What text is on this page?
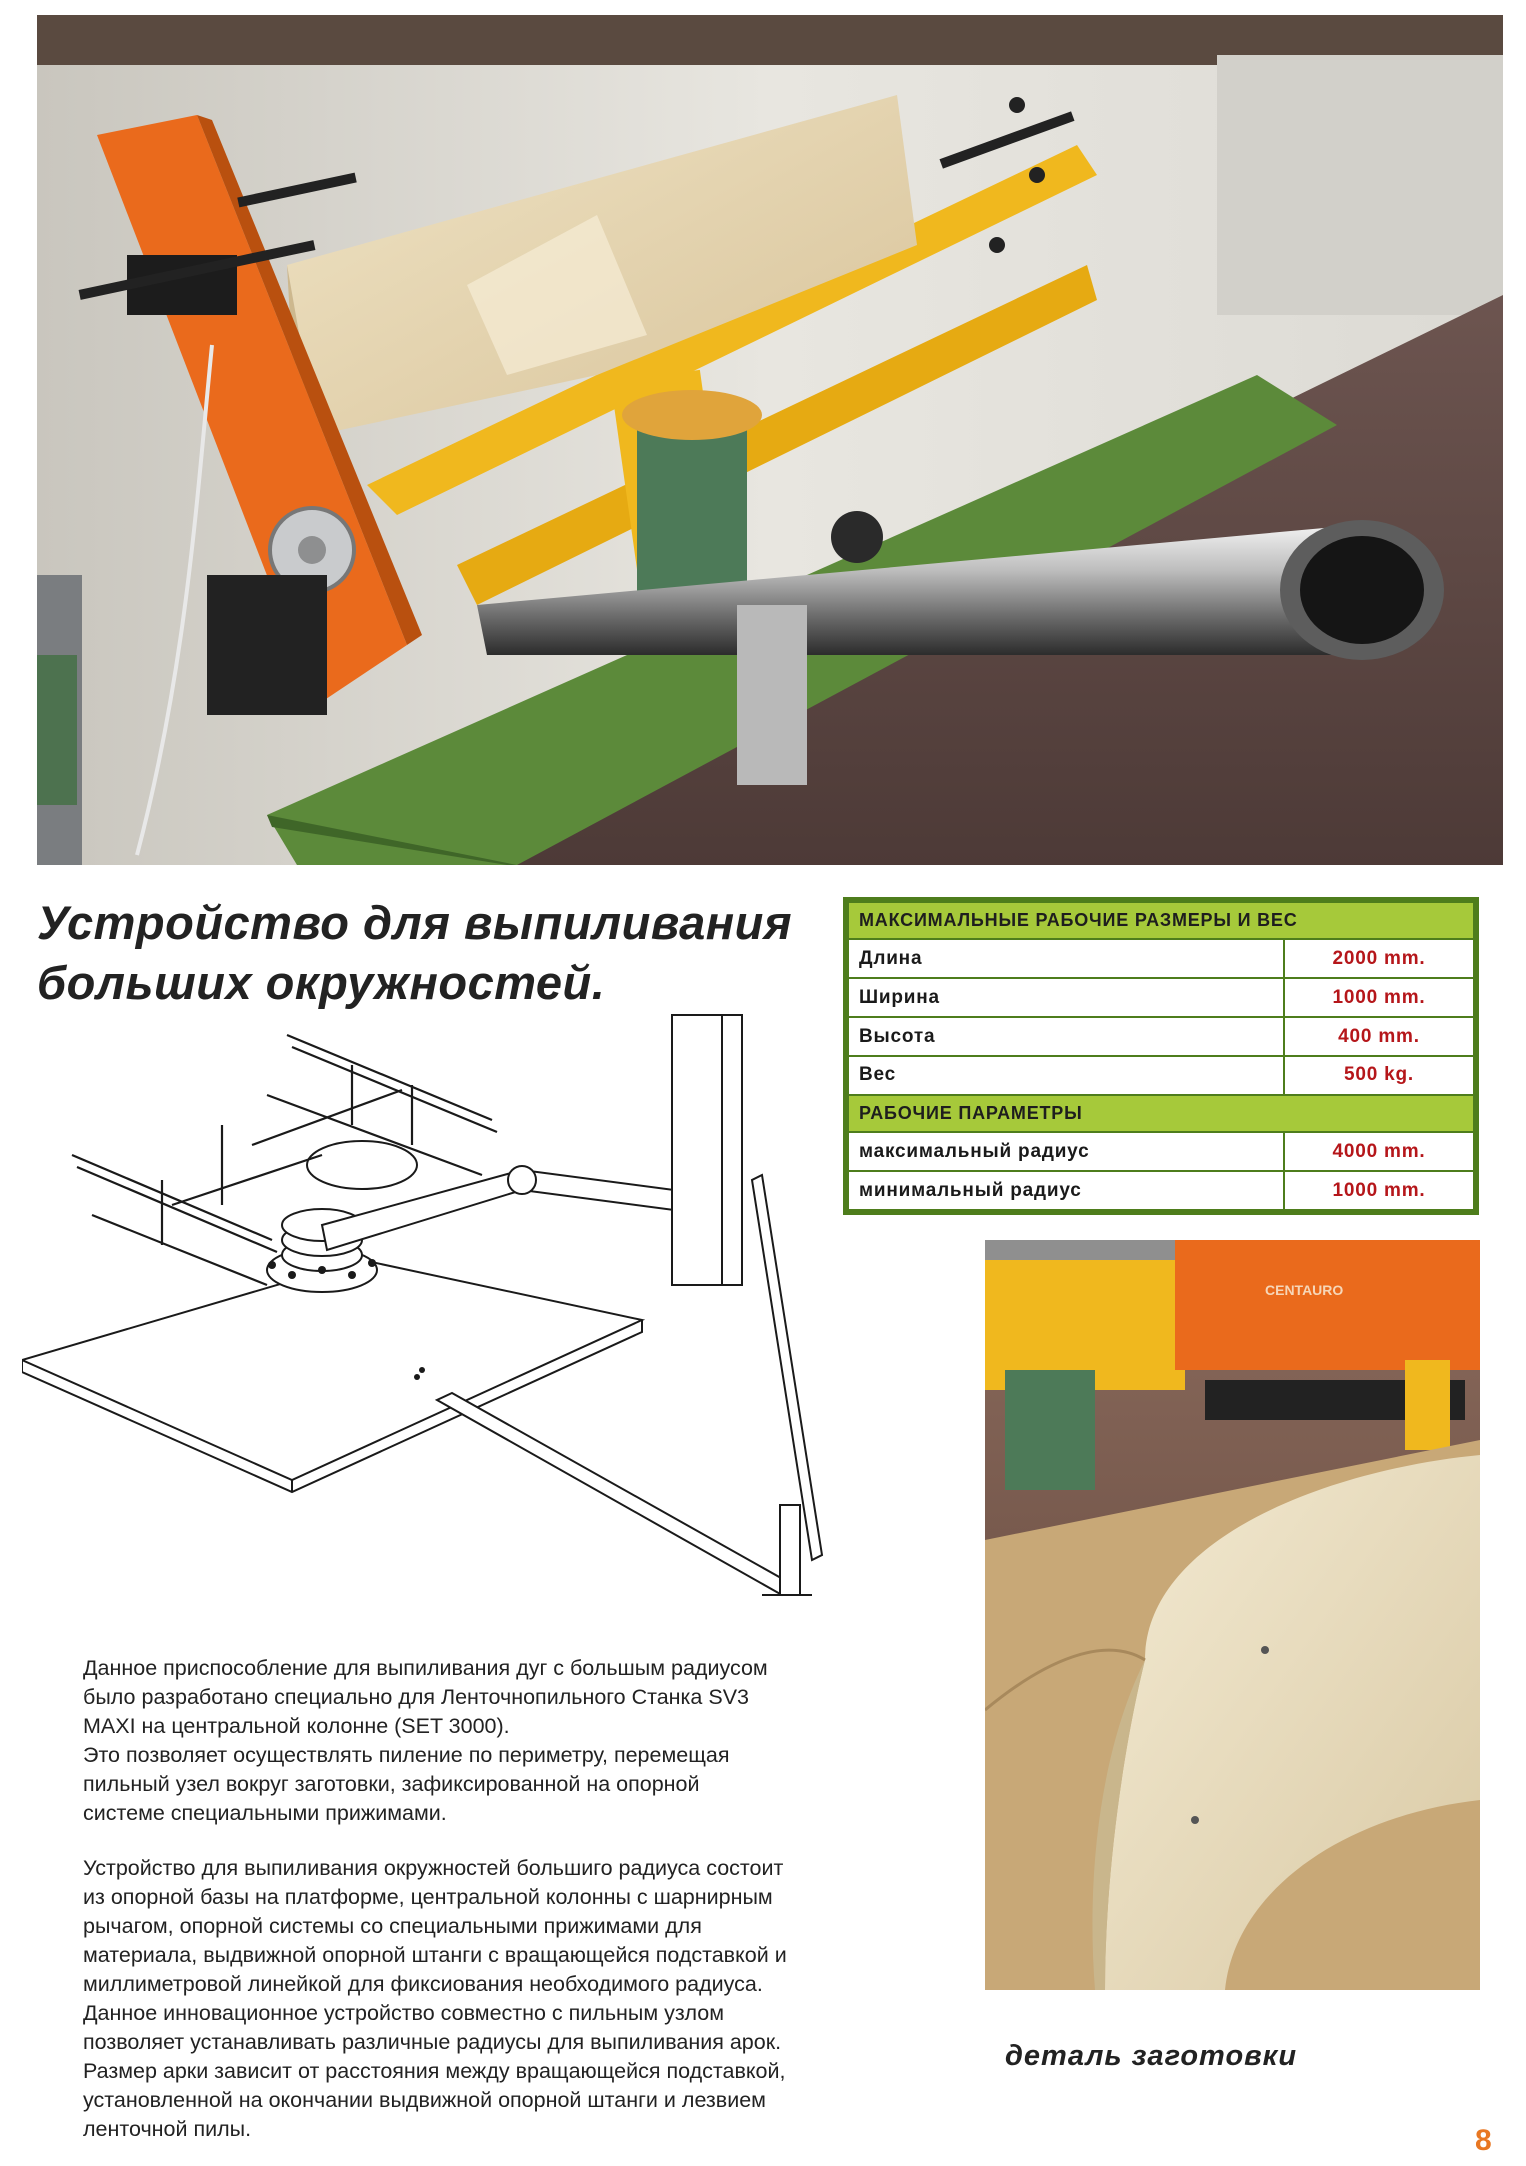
Устройство для выпиливания
больших окружностей.
МАКСИМАЛЬНЫЕ РАБОЧИЕ РАЗМЕРЫ И ВЕС	
Длина	2000 mm.
Ширина	1000 mm.
Высота	400 mm.
Вес	500 kg.
РАБОЧИЕ ПАРАМЕТРЫ	
максимальный радиус	4000 mm.
минимальный радиус	1000 mm.
Данное приспособление для выпиливания дуг с большым радиусом
было разработано специально для Ленточнопильного Станка SV3
MAXI на центральной колонне (SET 3000).
Это позволяет осуществлять пиление по периметру, перемещая
пильный узел вокруг заготовки, зафиксированной на опорной
системе специальными прижимами.
Устройство для выпиливания окружностей большиго радиуса состоит
из опорной базы на платформе, центральной колонны с шарнирным
рычагом, опорной системы со специальными прижимами для
материала, выдвижной опорной штанги с вращающейся подставкой и
миллиметровой линейкой для фиксиования необходимого радиуса.
Данное инновационное устройство совместно с пильным узлом
позволяет устанавливать различные радиусы для выпиливания арок.
Размер арки зависит от расстояния между вращающейся подставкой,
установленной на окончании выдвижной опорной штанги и лезвием
ленточной пилы.
CENTAURO
деталь заготовки
8
